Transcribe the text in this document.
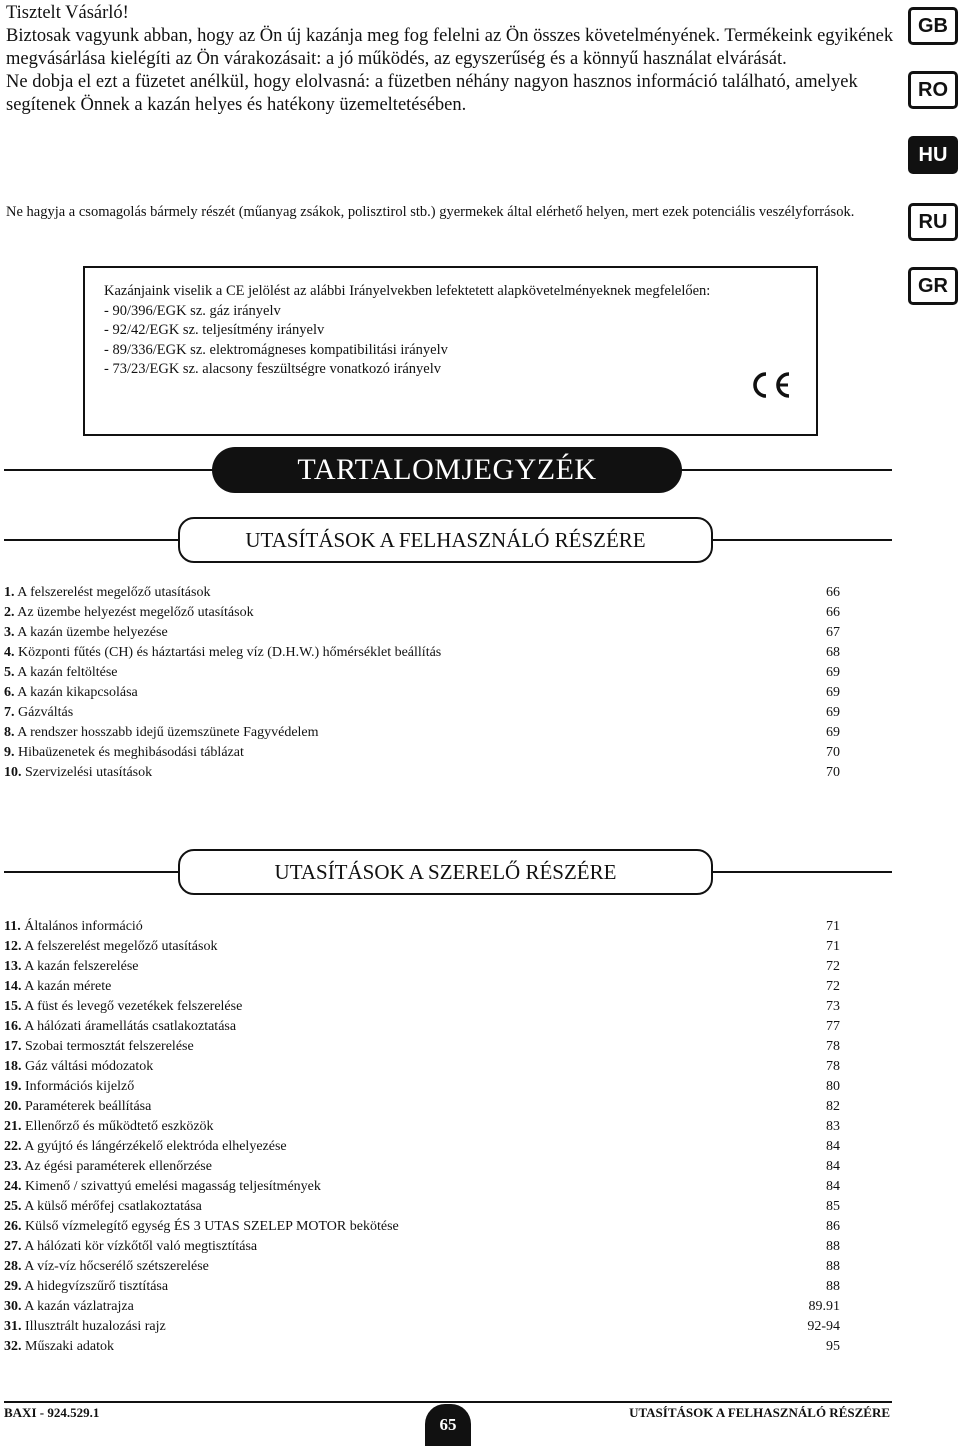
Tisztelt Vásárló!

Biztosak vagyunk abban, hogy az Ön új kazánja meg fog felelni az Ön összes követelményének. Termékeink egyikének megvásárlása kielégíti az Ön várakozásait: a jó működés, az egyszerűség és a könnyű használat elvárását.

Ne dobja el ezt a füzetet anélkül, hogy elolvasná: a füzetben néhány nagyon hasznos információ található, amelyek segítenek Önnek a kazán helyes és hatékony üzemeltetésében.

Ne hagyja a csomagolás bármely részét (műanyag zsákok, polisztirol stb.) gyermekek által elérhető helyen, mert ezek potenciális veszélyforrások.
GB
RO
HU
RU
GR
Kazánjaink viselik a CE jelölést az alábbi Irányelvekben lefektetett alapkövetelményeknek megfelelően:
- 90/396/EGK sz. gáz irányelv
- 92/42/EGK sz. teljesítmény irányelv
- 89/336/EGK sz. elektromágneses kompatibilitási irányelv
- 73/23/EGK sz. alacsony feszültségre vonatkozó irányelv
TARTALOMJEGYZÉK
UTASÍTÁSOK A FELHASZNÁLÓ RÉSZÉRE
1. A felszerelést megelőző utasítások	66
2. Az üzembe helyezést megelőző utasítások	66
3. A kazán üzembe helyezése	67
4. Központi fűtés (CH) és háztartási meleg víz (D.H.W.) hőmérséklet beállítás	68
5. A kazán feltöltése	69
6. A kazán kikapcsolása	69
7. Gázváltás	69
8. A rendszer hosszabb idejű üzemszünete Fagyvédelem	69
9. Hibaüzenetek és meghibásodási táblázat	70
10. Szervizelési utasítások	70
UTASÍTÁSOK A SZERELŐ RÉSZÉRE
11. Általános információ	71
12. A felszerelést megelőző utasítások	71
13. A kazán felszerelése	72
14. A kazán mérete	72
15. A füst és levegő vezetékek felszerelése	73
16. A hálózati áramellátás csatlakoztatása	77
17. Szobai termosztát felszerelése	78
18. Gáz váltási módozatok	78
19. Információs kijelző	80
20. Paraméterek beállítása	82
21. Ellenőrző és működtető eszközök	83
22. A gyújtó és lángérzékelő elektróda elhelyezése	84
23. Az égési paraméterek ellenőrzése	84
24. Kimenő / szivattyú emelési magasság teljesítmények	84
25. A külső mérőfej csatlakoztatása	85
26. Külső vízmelegítő egység ÉS 3 UTAS SZELEP MOTOR bekötése	86
27. A hálózati kör vízkőtől való megtisztítása	88
28. A víz-víz hőcserélő szétszerelése	88
29. A hidegvízszűrő tisztítása	88
30. A kazán vázlatrajza	89.91
31. Illusztrált huzalozási rajz	92-94
32. Műszaki adatok	95
BAXI - 924.529.1
65
UTASÍTÁSOK A FELHASZNÁLÓ RÉSZÉRE
